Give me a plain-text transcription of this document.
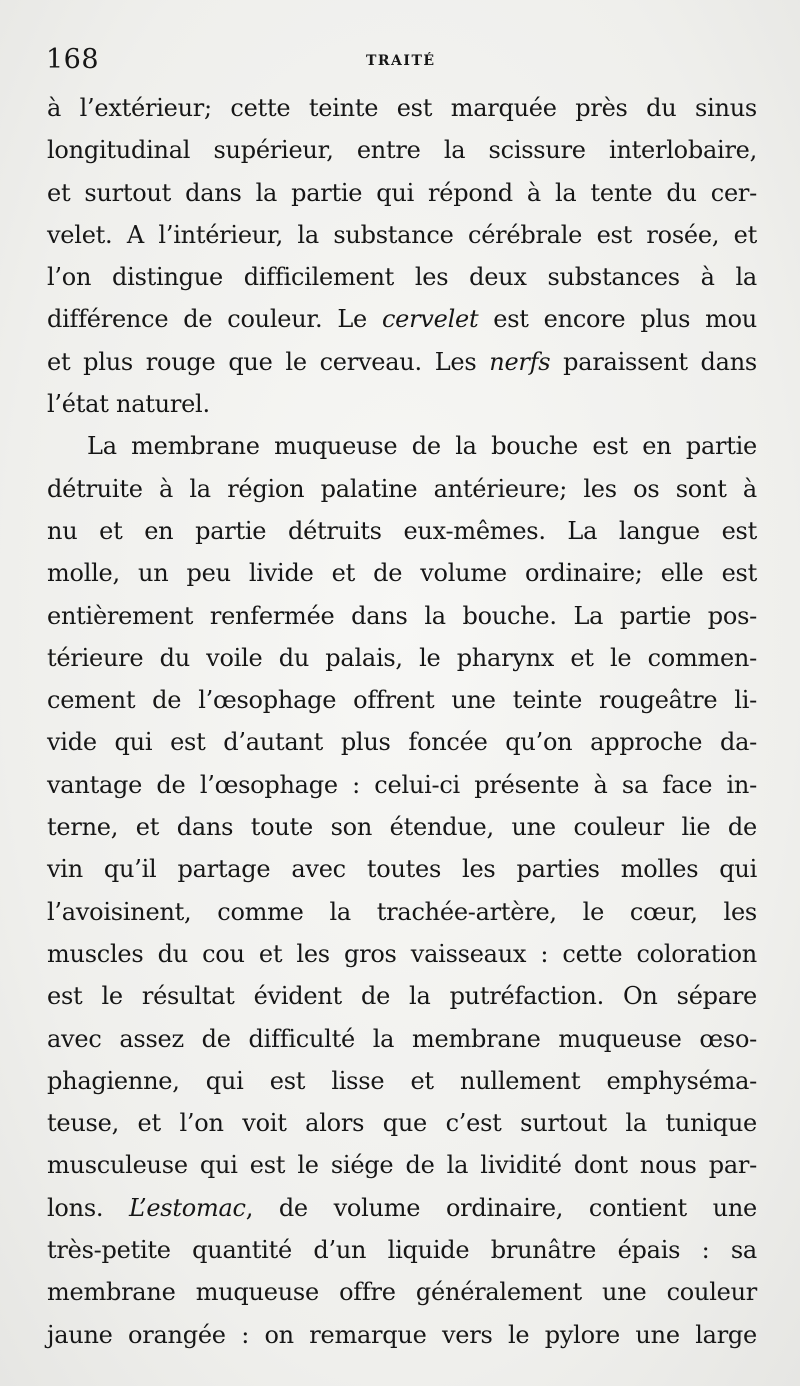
168	TRAITÉ
à l’extérieur; cette teinte est marquée près du sinus
longitudinal supérieur, entre la scissure interlobaire,
et surtout dans la partie qui répond à la tente du cer-
velet. A l’intérieur, la substance cérébrale est rosée, et
l’on distingue difficilement les deux substances à la
différence de couleur. Le cervelet est encore plus mou
et plus rouge que le cerveau. Les nerfs paraissent dans
l’état naturel.
La membrane muqueuse de la bouche est en partie
détruite à la région palatine antérieure; les os sont à
nu et en partie détruits eux-mêmes. La langue est
molle, un peu livide et de volume ordinaire; elle est
entièrement renfermée dans la bouche. La partie pos-
térieure du voile du palais, le pharynx et le commen-
cement de l’œsophage offrent une teinte rougeâtre li-
vide qui est d’autant plus foncée qu’on approche da-
vantage de l’œsophage : celui-ci présente à sa face in-
terne, et dans toute son étendue, une couleur lie de
vin qu’il partage avec toutes les parties molles qui
l’avoisinent, comme la trachée-artère, le cœur, les
muscles du cou et les gros vaisseaux : cette coloration
est le résultat évident de la putréfaction. On sépare
avec assez de difficulté la membrane muqueuse œso-
phagienne, qui est lisse et nullement emphyséma-
teuse, et l’on voit alors que c’est surtout la tunique
musculeuse qui est le siége de la lividité dont nous par-
lons. L’estomac, de volume ordinaire, contient une
très-petite quantité d’un liquide brunâtre épais : sa
membrane muqueuse offre généralement une couleur
jaune orangée : on remarque vers le pylore une large
